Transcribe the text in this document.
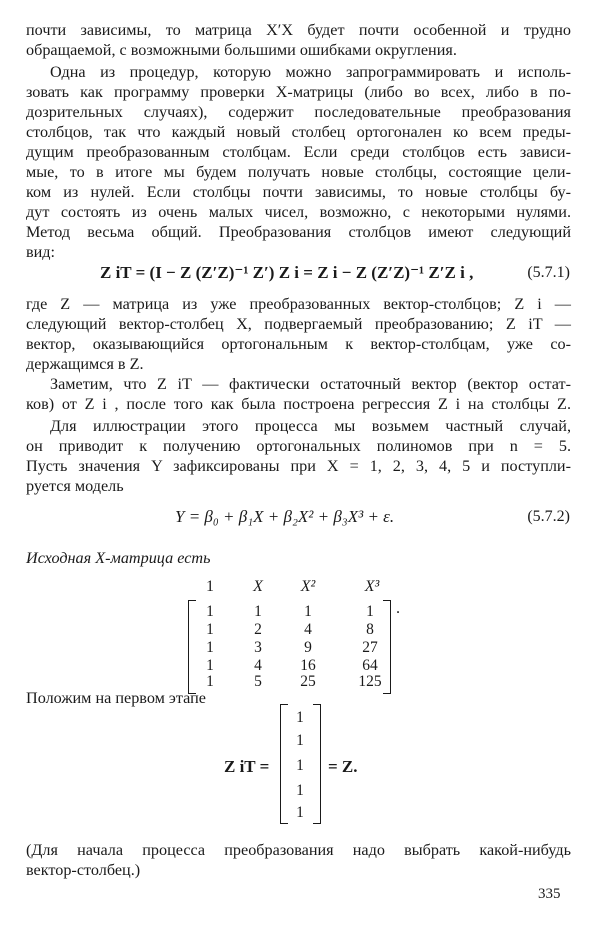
почти зависимы, то матрица X′X будет почти особенной и трудно
обращаемой, с возможными большими ошибками округления.
Одна из процедур, которую можно запрограммировать и исполь-
зовать как программу проверки X-матрицы (либо во всех, либо в по-
дозрительных случаях), содержит последовательные преобразования
столбцов, так что каждый новый столбец ортогонален ко всем преды-
дущим преобразованным столбцам. Если среди столбцов есть зависи-
мые, то в итоге мы будем получать новые столбцы, состоящие цели-
ком из нулей. Если столбцы почти зависимы, то новые столбцы бу-
дут состоять из очень малых чисел, возможно, с некоторыми нулями.
Метод весьма общий. Преобразования столбцов имеют следующий
вид:
Z iT = (I − Z (Z′Z)⁻¹ Z′) Z i = Z i − Z (Z′Z)⁻¹ Z′Z i ,	(5.7.1)
где Z — матрица из уже преобразованных вектор-столбцов; Z i —
следующий вектор-столбец X, подвергаемый преобразованию; Z iT —
вектор, оказывающийся ортогональным к вектор-столбцам, уже со-
держащимся в Z.
Заметим, что Z iT — фактически остаточный вектор (вектор остат-
ков) от Z i , после того как была построена регрессия Z i на столбцы Z.
Для иллюстрации этого процесса мы возьмем частный случай,
он приводит к получению ортогональных полиномов при n = 5.
Пусть значения Y зафиксированы при X = 1, 2, 3, 4, 5 и поступли-
руется модель
Y = β₀ + β₁X + β₂X² + β₃X³ + ε.	(5.7.2)
Исходная X-матрица есть
1	X	X²	X³
1	1	1	1
1	2	4	8
1	3	9	27
1	4	16	64
1	5	25	125
.
Положим на первом этапе
Z iT =
1
1
1
1
1
= Z.
(Для начала процесса преобразования надо выбрать какой-нибудь
вектор-столбец.)
335
